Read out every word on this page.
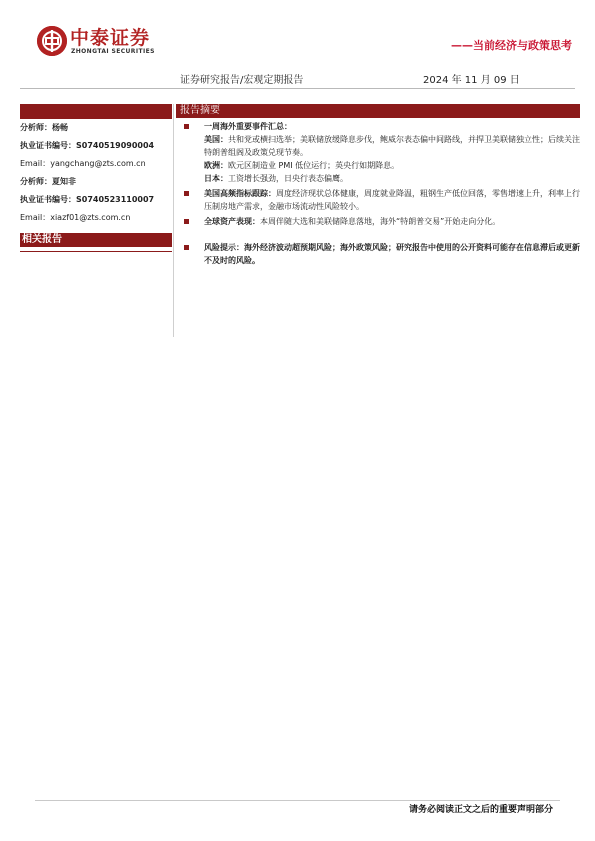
中泰证券
ZHONGTAI SECURITIES	——当前经济与政策思考
证券研究报告/宏观定期报告	2024 年 11 月 09 日
分析师： 杨畅
执业证书编号： S0740519090004
Email： yangchang@zts.com.cn
分析师： 夏知非
执业证书编号： S0740523110007
Email： xiazf01@zts.com.cn
相关报告
报告摘要
一周海外重要事件汇总：
美国：共和党或横扫选举；美联储放缓降息步伐，鲍威尔表态偏中间路线，并捍卫美联储独立性；后续关注特朗普组阁及政策兑现节奏。
欧洲：欧元区制造业 PMI 低位运行；英央行如期降息。
日本：工资增长强劲，日央行表态偏鹰。
美国高频指标跟踪：周度经济现状总体健康，周度就业降温，粗钢生产低位回落，零售增速上升，利率上行压制房地产需求，金融市场流动性风险较小。
全球资产表现：本周伴随大选和美联储降息落地，海外“特朗普交易”开始走向分化。
风险提示：海外经济波动超预期风险；海外政策风险；研究报告中使用的公开资料可能存在信息滞后或更新不及时的风险。
请务必阅读正文之后的重要声明部分
